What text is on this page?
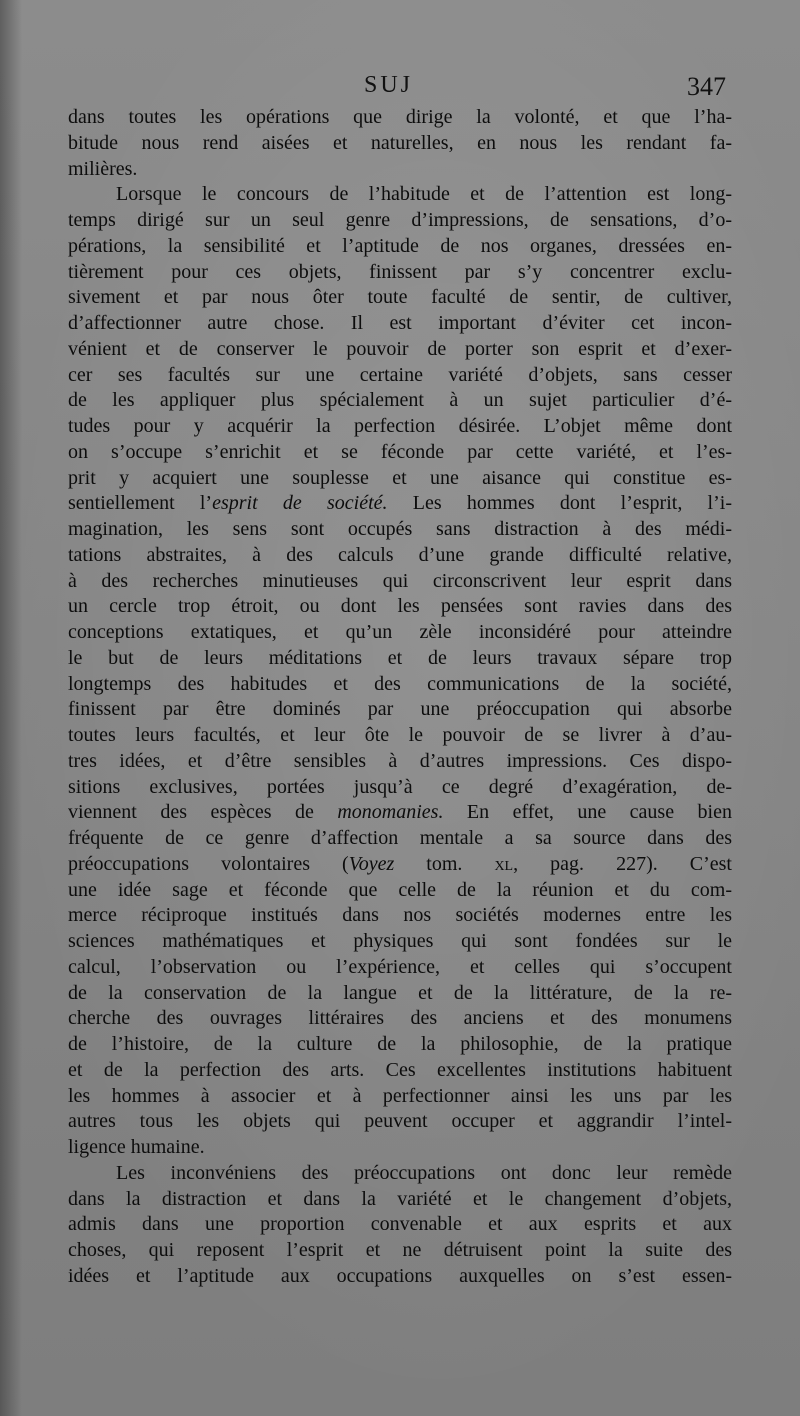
SUJ	347
dans toutes les opérations que dirige la volonté, et que l’ha-
bitude nous rend aisées et naturelles, en nous les rendant fa-
milières.
Lorsque le concours de l’habitude et de l’attention est long-
temps dirigé sur un seul genre d’impressions, de sensations, d’o-
pérations, la sensibilité et l’aptitude de nos organes, dressées en-
tièrement pour ces objets, finissent par s’y concentrer exclu-
sivement et par nous ôter toute faculté de sentir, de cultiver,
d’affectionner autre chose. Il est important d’éviter cet incon-
vénient et de conserver le pouvoir de porter son esprit et d’exer-
cer ses facultés sur une certaine variété d’objets, sans cesser
de les appliquer plus spécialement à un sujet particulier d’é-
tudes pour y acquérir la perfection désirée. L’objet même dont
on s’occupe s’enrichit et se féconde par cette variété, et l’es-
prit y acquiert une souplesse et une aisance qui constitue es-
sentiellement l’esprit de société. Les hommes dont l’esprit, l’i-
magination, les sens sont occupés sans distraction à des médi-
tations abstraites, à des calculs d’une grande difficulté relative,
à des recherches minutieuses qui circonscrivent leur esprit dans
un cercle trop étroit, ou dont les pensées sont ravies dans des
conceptions extatiques, et qu’un zèle inconsidéré pour atteindre
le but de leurs méditations et de leurs travaux sépare trop
longtemps des habitudes et des communications de la société,
finissent par être dominés par une préoccupation qui absorbe
toutes leurs facultés, et leur ôte le pouvoir de se livrer à d’au-
tres idées, et d’être sensibles à d’autres impressions. Ces dispo-
sitions exclusives, portées jusqu’à ce degré d’exagération, de-
viennent des espèces de monomanies. En effet, une cause bien
fréquente de ce genre d’affection mentale a sa source dans des
préoccupations volontaires (Voyez tom. xl, pag. 227). C’est
une idée sage et féconde que celle de la réunion et du com-
merce réciproque institués dans nos sociétés modernes entre les
sciences mathématiques et physiques qui sont fondées sur le
calcul, l’observation ou l’expérience, et celles qui s’occupent
de la conservation de la langue et de la littérature, de la re-
cherche des ouvrages littéraires des anciens et des monumens
de l’histoire, de la culture de la philosophie, de la pratique
et de la perfection des arts. Ces excellentes institutions habituent
les hommes à associer et à perfectionner ainsi les uns par les
autres tous les objets qui peuvent occuper et aggrandir l’intel-
ligence humaine.
Les inconvéniens des préoccupations ont donc leur remède
dans la distraction et dans la variété et le changement d’objets,
admis dans une proportion convenable et aux esprits et aux
choses, qui reposent l’esprit et ne détruisent point la suite des
idées et l’aptitude aux occupations auxquelles on s’est essen-
